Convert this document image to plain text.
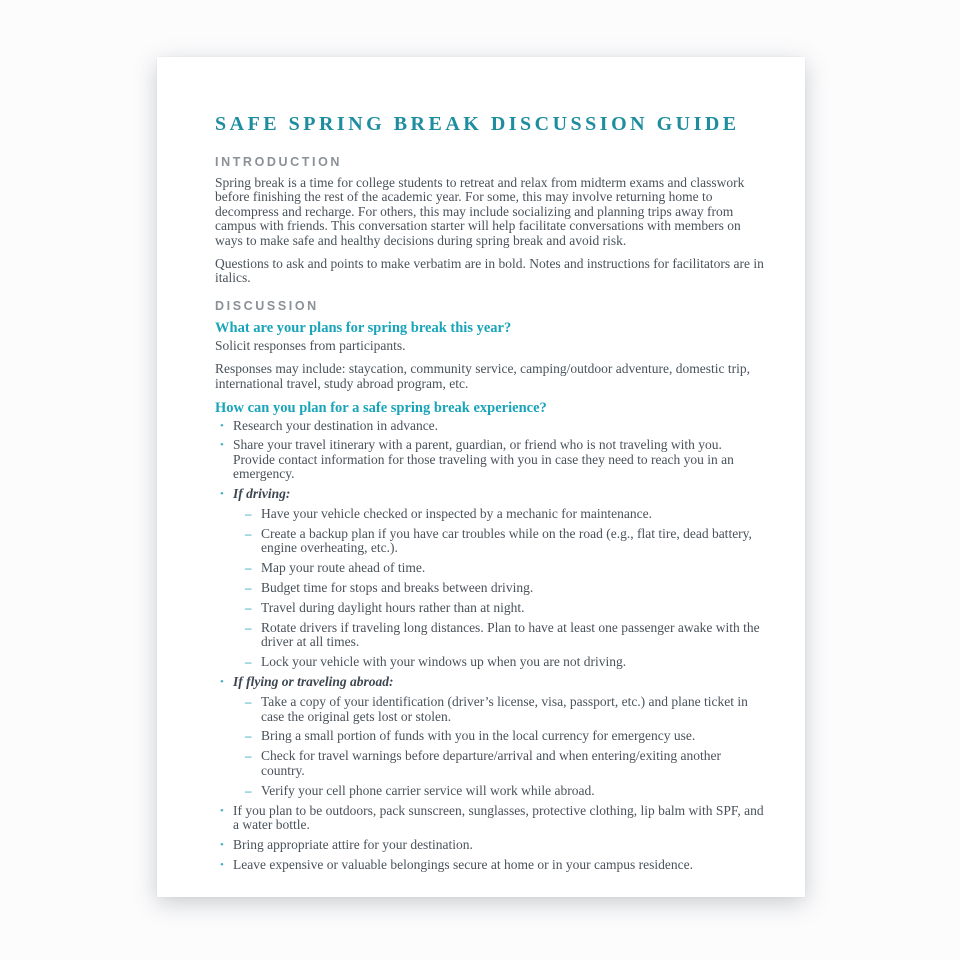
SAFE SPRING BREAK DISCUSSION GUIDE
INTRODUCTION

Spring break is a time for college students to retreat and relax from midterm exams and classwork before finishing the rest of the academic year. For some, this may involve returning home to decompress and recharge. For others, this may include socializing and planning trips away from campus with friends. This conversation starter will help facilitate conversations with members on ways to make safe and healthy decisions during spring break and avoid risk.

Questions to ask and points to make verbatim are in bold. Notes and instructions for facilitators are in italics.

DISCUSSION
What are your plans for spring break this year?

Solicit responses from participants.

Responses may include: staycation, community service, camping/outdoor adventure, domestic trip, international travel, study abroad program, etc.

How can you plan for a safe spring break experience?
• Research your destination in advance.
• Share your travel itinerary with a parent, guardian, or friend who is not traveling with you. Provide contact information for those traveling with you in case they need to reach you in an emergency.
• If driving:
– Have your vehicle checked or inspected by a mechanic for maintenance.
– Create a backup plan if you have car troubles while on the road (e.g., flat tire, dead battery, engine overheating, etc.).
– Map your route ahead of time.
– Budget time for stops and breaks between driving.
– Travel during daylight hours rather than at night.
– Rotate drivers if traveling long distances. Plan to have at least one passenger awake with the driver at all times.
– Lock your vehicle with your windows up when you are not driving.
• If flying or traveling abroad:
– Take a copy of your identification (driver’s license, visa, passport, etc.) and plane ticket in case the original gets lost or stolen.
– Bring a small portion of funds with you in the local currency for emergency use.
– Check for travel warnings before departure/arrival and when entering/exiting another country.
– Verify your cell phone carrier service will work while abroad.
• If you plan to be outdoors, pack sunscreen, sunglasses, protective clothing, lip balm with SPF, and a water bottle.
• Bring appropriate attire for your destination.
• Leave expensive or valuable belongings secure at home or in your campus residence.
